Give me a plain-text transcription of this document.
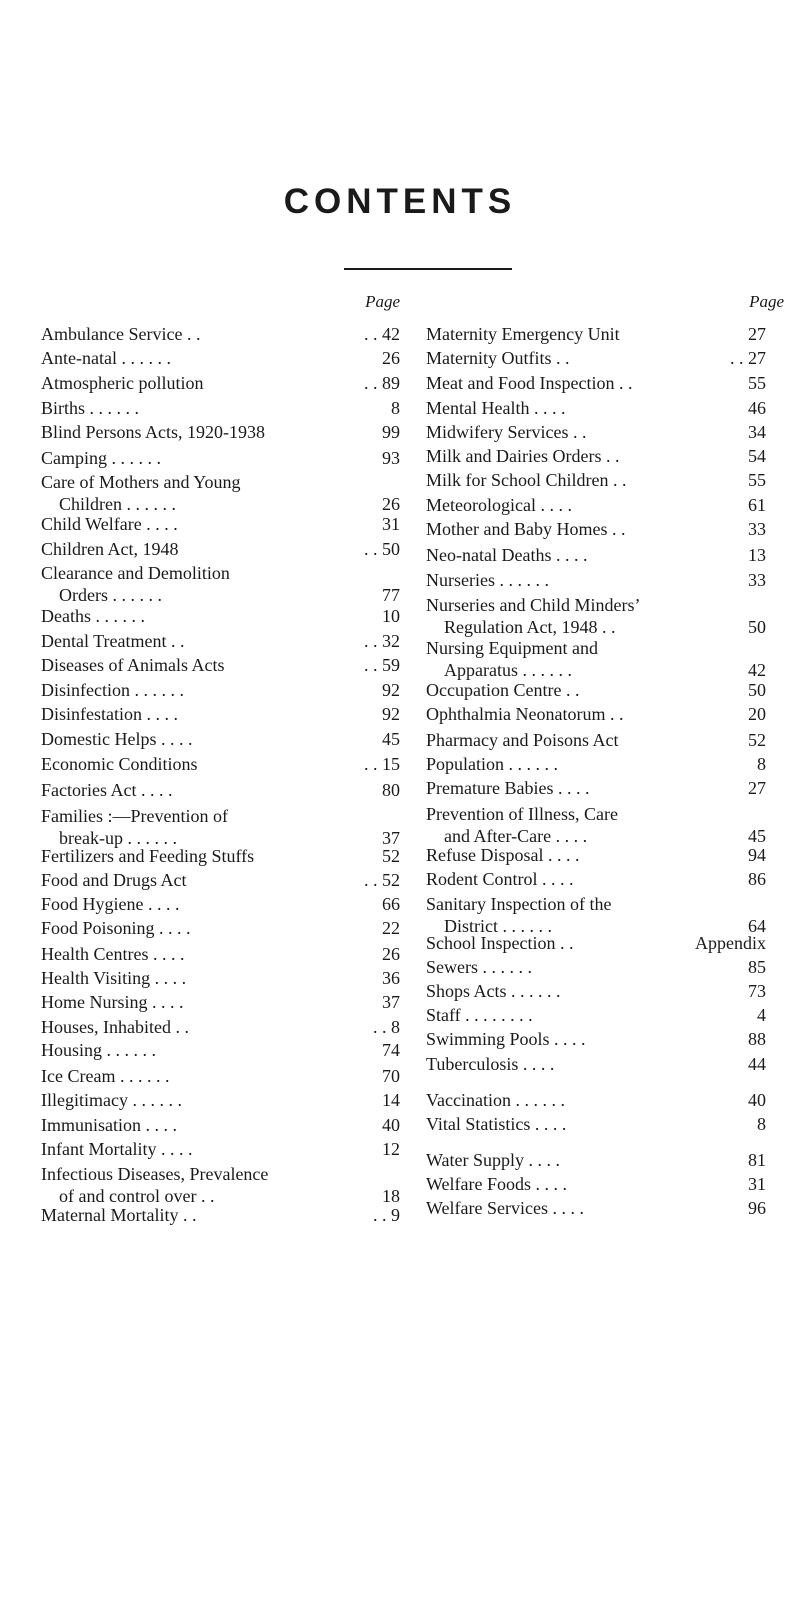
CONTENTS
Page	Page
Ambulance Service . .	. . 42
Ante-natal . . . . . .	26
Atmospheric pollution	. . 89
Births . . . . . .	8
Blind Persons Acts, 1920-1938	99
Camping . . . . . .	93
Care of Mothers and Young
Children . . . . . .	26
Child Welfare . . . .	31
Children Act, 1948	. . 50
Clearance and Demolition
Orders . . . . . .	77
Deaths . . . . . .	10
Dental Treatment . .	. . 32
Diseases of Animals Acts	. . 59
Disinfection . . . . . .	92
Disinfestation . . . .	92
Domestic Helps . . . .	45
Economic Conditions	. . 15
Factories Act . . . .	80
Families :—Prevention of
break-up . . . . . .	37
Fertilizers and Feeding Stuffs	52
Food and Drugs Act	. . 52
Food Hygiene . . . .	66
Food Poisoning . . . .	22
Health Centres . . . .	26
Health Visiting . . . .	36
Home Nursing . . . .	37
Houses, Inhabited . .	. . 8
Housing . . . . . .	74
Ice Cream . . . . . .	70
Illegitimacy . . . . . .	14
Immunisation . . . .	40
Infant Mortality . . . .	12
Infectious Diseases, Prevalence
of and control over . .	18
Maternal Mortality . .	. . 9
Maternity Emergency Unit	27
Maternity Outfits . .	. . 27
Meat and Food Inspection . .	55
Mental Health . . . .	46
Midwifery Services . .	34
Milk and Dairies Orders . .	54
Milk for School Children . .	55
Meteorological . . . .	61
Mother and Baby Homes . .	33
Neo-natal Deaths . . . .	13
Nurseries . . . . . .	33
Nurseries and Child Minders’
Regulation Act, 1948 . .	50
Nursing Equipment and
Apparatus . . . . . .	42
Occupation Centre . .	50
Ophthalmia Neonatorum . .	20
Pharmacy and Poisons Act	52
Population . . . . . .	8
Premature Babies . . . .	27
Prevention of Illness, Care
and After-Care . . . .	45
Refuse Disposal . . . .	94
Rodent Control . . . .	86
Sanitary Inspection of the
District . . . . . .	64
School Inspection . .	Appendix
Sewers . . . . . .	85
Shops Acts . . . . . .	73
Staff . . . . . . . .	4
Swimming Pools . . . .	88
Tuberculosis . . . .	44
Vaccination . . . . . .	40
Vital Statistics . . . .	8
Water Supply . . . .	81
Welfare Foods . . . .	31
Welfare Services . . . .	96
